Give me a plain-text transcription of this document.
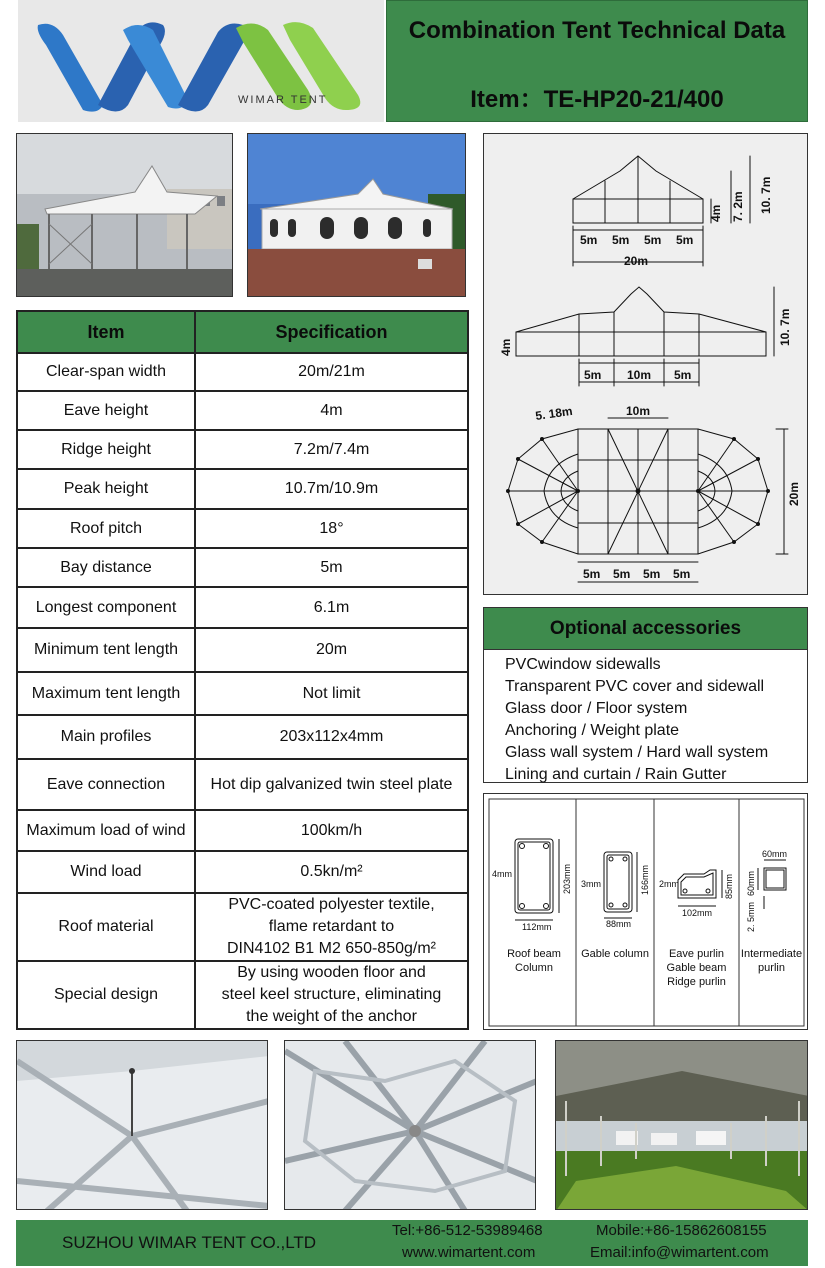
WIMAR TENT
Combination Tent Technical Data
Item：TE-HP20-21/400
Item	Specification
Clear-span width	20m/21m
Eave height	4m
Ridge height	7.2m/7.4m
Peak height	10.7m/10.9m
Roof pitch	18°
Bay distance	5m
Longest component	6.1m
Minimum tent length	20m
Maximum tent length	Not limit
Main profiles	203x112x4mm
Eave connection	Hot dip galvanized twin steel plate
Maximum load of wind	100km/h
Wind load	0.5kn/m²
Roof material	PVC-coated polyester textile,
flame retardant to
DIN4102 B1 M2 650-850g/m²
Special design	By using wooden floor and
steel keel structure, eliminating
the weight of the anchor
5m 5m 5m 5m
20m
4m 7. 2m 10. 7m
4m
10. 7m
5m 10m 5m
5. 18m	10m
20m
5m 5m 5m 5m
Optional accessories
PVCwindow sidewalls
Transparent PVC cover and sidewall
Glass door / Floor system
Anchoring / Weight plate
Glass wall system / Hard wall system
Lining and curtain / Rain Gutter
4mm
112mm
203mm 3mm
88mm
166mm 2mm
102mm
85mm
60mm
60mm
2. 5mm
Roof beam
Column
Gable column	Eave purlin
Gable beam
Ridge purlin
Intermediate
purlin
SUZHOU WIMAR TENT CO.,LTD
Tel:+86-512-53989468
www.wimartent.com
Mobile:+86-15862608155
Email:info@wimartent.com
